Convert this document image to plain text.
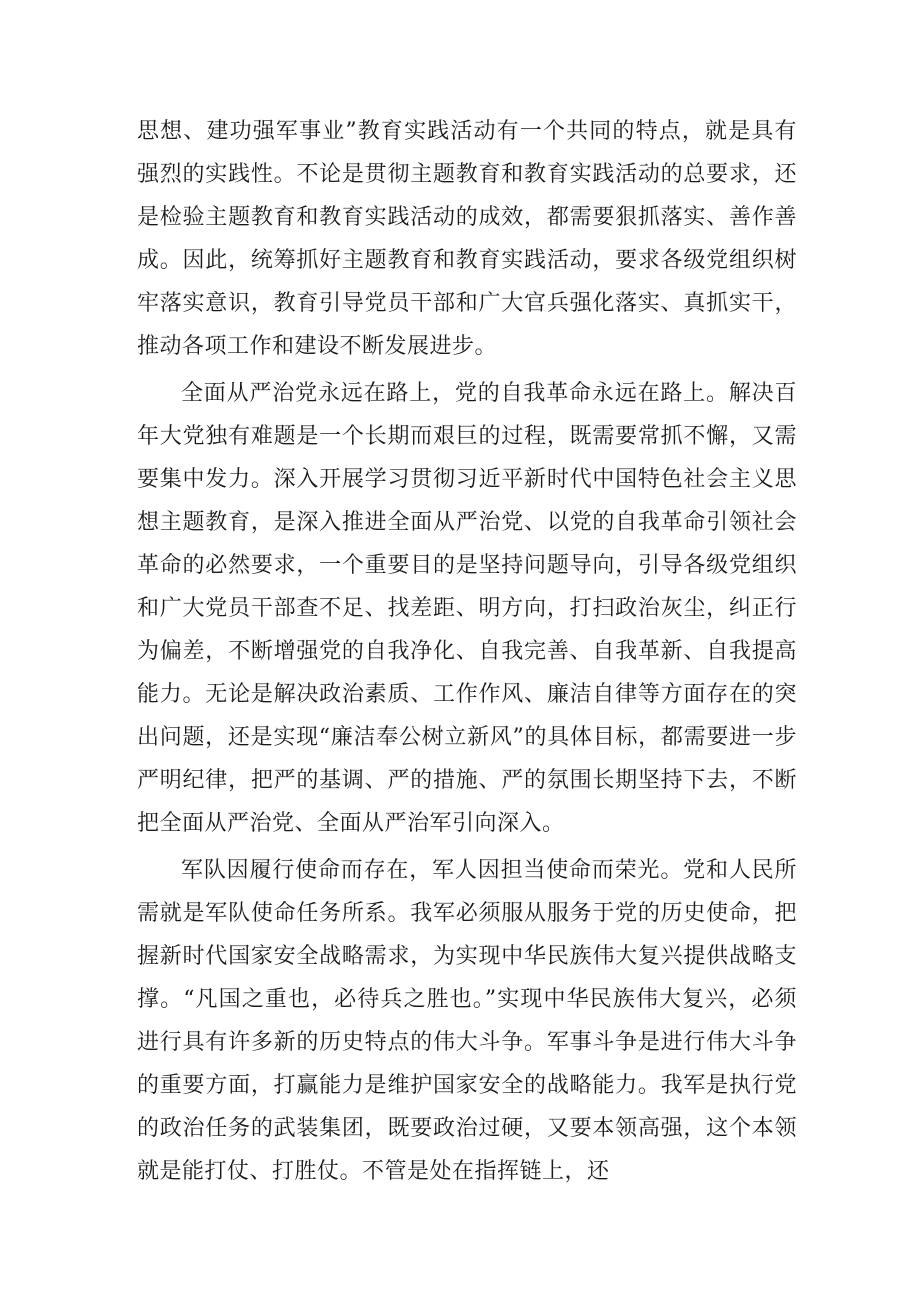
思想、建功强军事业”教育实践活动有一个共同的特点，就是具有强烈的实践性。不论是贯彻主题教育和教育实践活动的总要求，还是检验主题教育和教育实践活动的成效，都需要狠抓落实、善作善成。因此，统筹抓好主题教育和教育实践活动，要求各级党组织树牢落实意识，教育引导党员干部和广大官兵强化落实、真抓实干，推动各项工作和建设不断发展进步。

全面从严治党永远在路上，党的自我革命永远在路上。解决百年大党独有难题是一个长期而艰巨的过程，既需要常抓不懈，又需要集中发力。深入开展学习贯彻习近平新时代中国特色社会主义思想主题教育，是深入推进全面从严治党、以党的自我革命引领社会革命的必然要求，一个重要目的是坚持问题导向，引导各级党组织和广大党员干部查不足、找差距、明方向，打扫政治灰尘，纠正行为偏差，不断增强党的自我净化、自我完善、自我革新、自我提高能力。无论是解决政治素质、工作作风、廉洁自律等方面存在的突出问题，还是实现“廉洁奉公树立新风”的具体目标，都需要进一步严明纪律，把严的基调、严的措施、严的氛围长期坚持下去，不断把全面从严治党、全面从严治军引向深入。

军队因履行使命而存在，军人因担当使命而荣光。党和人民所需就是军队使命任务所系。我军必须服从服务于党的历史使命，把握新时代国家安全战略需求，为实现中华民族伟大复兴提供战略支撑。“凡国之重也，必待兵之胜也。”实现中华民族伟大复兴，必须进行具有许多新的历史特点的伟大斗争。军事斗争是进行伟大斗争的重要方面，打赢能力是维护国家安全的战略能力。我军是执行党的政治任务的武装集团，既要政治过硬，又要本领高强，这个本领就是能打仗、打胜仗。不管是处在指挥链上，还
